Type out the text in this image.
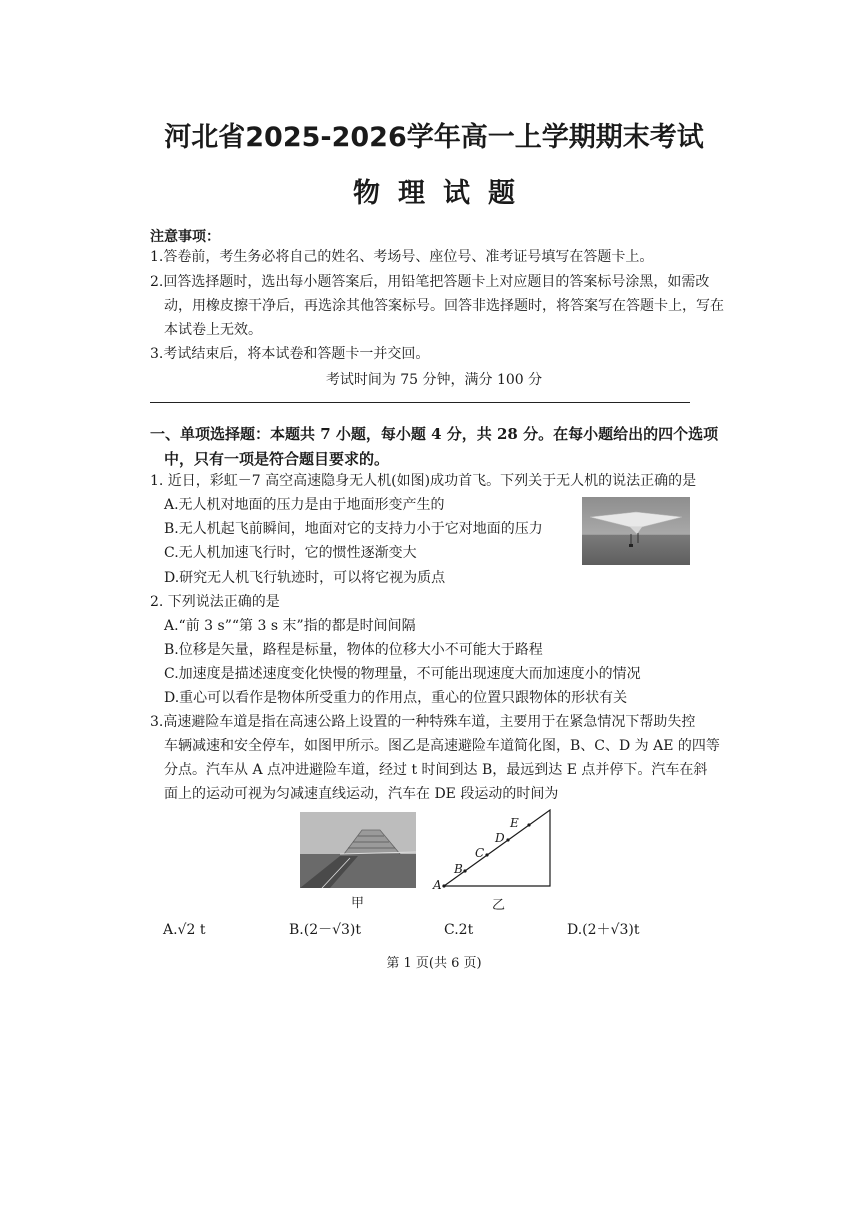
河北省2025-2026学年高一上学期期末考试
物理试题
注意事项：
1.答卷前，考生务必将自己的姓名、考场号、座位号、准考证号填写在答题卡上。
2.回答选择题时，选出每小题答案后，用铅笔把答题卡上对应题目的答案标号涂黑，如需改
动，用橡皮擦干净后，再选涂其他答案标号。回答非选择题时，将答案写在答题卡上，写在
本试卷上无效。
3.考试结束后，将本试卷和答题卡一并交回。
考试时间为 75 分钟，满分 100 分
一、单项选择题：本题共 7 小题，每小题 4 分，共 28 分。在每小题给出的四个选项
中，只有一项是符合题目要求的。
1. 近日，彩虹－7 高空高速隐身无人机(如图)成功首飞。下列关于无人机的说法正确的是
A.无人机对地面的压力是由于地面形变产生的
B.无人机起飞前瞬间，地面对它的支持力小于它对地面的压力
C.无人机加速飞行时，它的惯性逐渐变大
D.研究无人机飞行轨迹时，可以将它视为质点
2. 下列说法正确的是
A.“前 3 s”“第 3 s 末”指的都是时间间隔
B.位移是矢量，路程是标量，物体的位移大小不可能大于路程
C.加速度是描述速度变化快慢的物理量，不可能出现速度大而加速度小的情况
D.重心可以看作是物体所受重力的作用点，重心的位置只跟物体的形状有关
3.高速避险车道是指在高速公路上设置的一种特殊车道，主要用于在紧急情况下帮助失控
车辆减速和安全停车，如图甲所示。图乙是高速避险车道简化图，B、C、D 为 AE 的四等
分点。汽车从 A 点冲进避险车道，经过 t 时间到达 B，最远到达 E 点并停下。汽车在斜
面上的运动可视为匀减速直线运动，汽车在 DE 段运动的时间为
甲
A
B
C
D
E
乙
A.√2 t	B.(2－√3)t	C.2t	D.(2＋√3)t
第 1 页(共 6 页)
